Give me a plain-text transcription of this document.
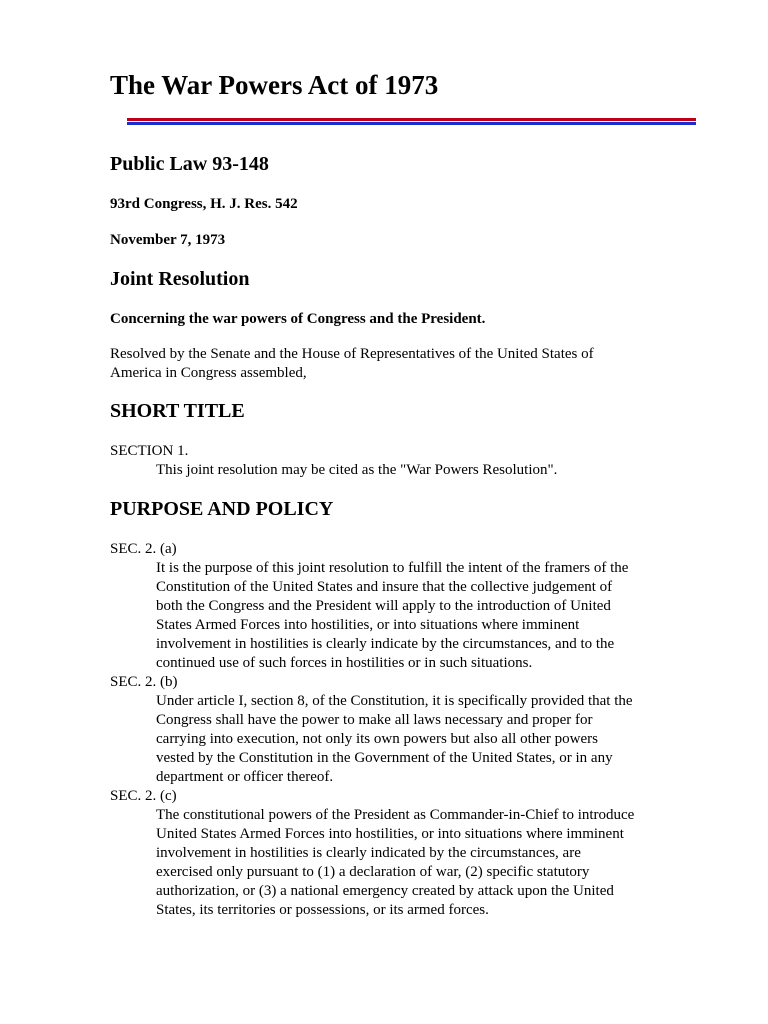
The War Powers Act of 1973
Public Law 93-148
93rd Congress, H. J. Res. 542
November 7, 1973
Joint Resolution
Concerning the war powers of Congress and the President.

Resolved by the Senate and the House of Representatives of the United States of
America in Congress assembled,

SHORT TITLE

SECTION 1.

This joint resolution may be cited as the "War Powers Resolution".

PURPOSE AND POLICY

SEC. 2. (a)

It is the purpose of this joint resolution to fulfill the intent of the framers of the
Constitution of the United States and insure that the collective judgement of
both the Congress and the President will apply to the introduction of United
States Armed Forces into hostilities, or into situations where imminent
involvement in hostilities is clearly indicate by the circumstances, and to the
continued use of such forces in hostilities or in such situations.

SEC. 2. (b)

Under article I, section 8, of the Constitution, it is specifically provided that the
Congress shall have the power to make all laws necessary and proper for
carrying into execution, not only its own powers but also all other powers
vested by the Constitution in the Government of the United States, or in any
department or officer thereof.

SEC. 2. (c)

The constitutional powers of the President as Commander-in-Chief to introduce
United States Armed Forces into hostilities, or into situations where imminent
involvement in hostilities is clearly indicated by the circumstances, are
exercised only pursuant to (1) a declaration of war, (2) specific statutory
authorization, or (3) a national emergency created by attack upon the United
States, its territories or possessions, or its armed forces.
